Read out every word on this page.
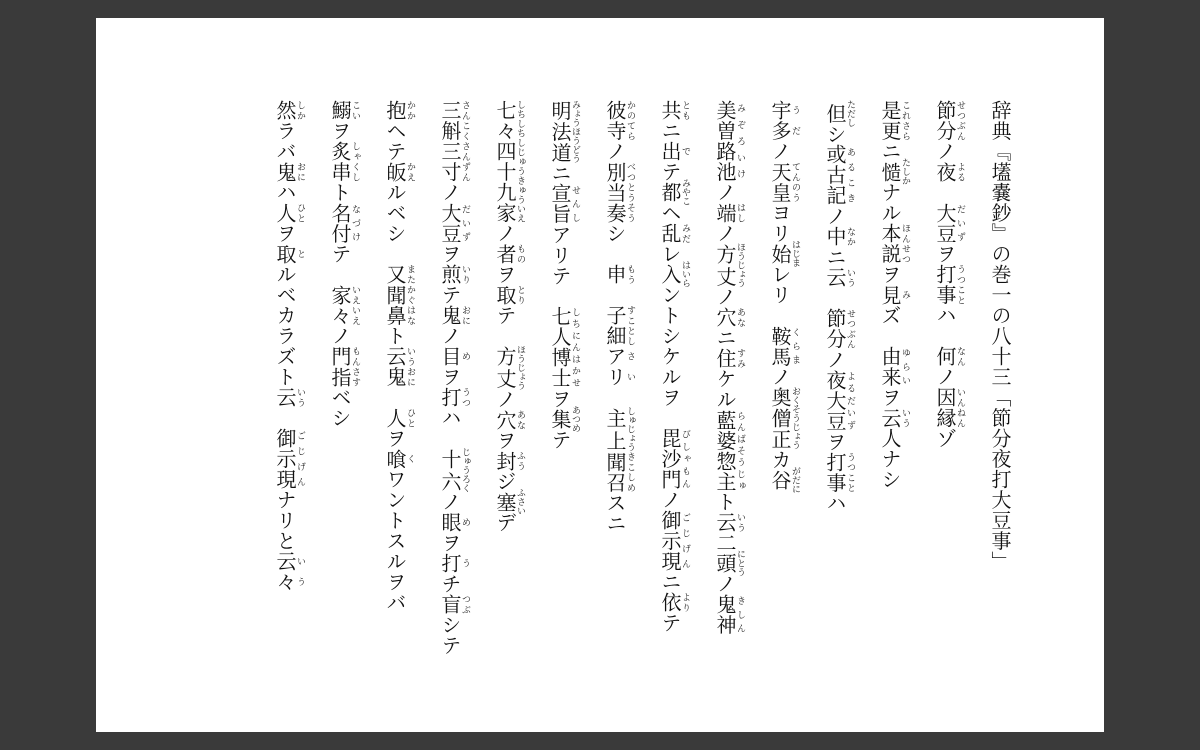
辞典『壒嚢鈔』の巻一の八十三「節分夜打大豆事」
節分せつぶんノ夜よる　大豆だいずヲ打事うつことハ　何なんノ因縁いんねんゾ
是更これさらニ慥たしかナル本説ほんせつヲ見みズ　由来ゆらいヲ云いう人ナシ
但ただしシ或古記あるこきノ中なかニ云いう　節分せつぶんノ夜大豆よるだいずヲ打事うつことハ
宇多うだノ天皇てんのうヨリ始はじまレリ　鞍馬くらまノ奥僧正おくそうじょうカ谷がだに
美曽路池みぞろいけノ端はしノ方丈ほうじょうノ穴あなニ住すみケル藍婆惣主らんばそうじゅト云いう二頭にとうノ鬼神きしん
共ともニ出でテ都みやこヘ乱みだレ入はいらントシケルヲ　毘沙門びしゃもんノ御示現ごじげんニ依よりテ
彼寺かのてらノ別当べつとう奏そうシ　申もう　子細すことしアリさい　主上しゅじょう聞召きこしめスニ
明法道みょうほうどうニ宣旨せんしアリテ　七人博士しちにんはかせヲ集あつめテ
七々四十九家しちしちしじゅうきゅういえノ者ものヲ取とりテ　方丈ほうじょうノ穴あなヲ封ふうジ塞ふさいデ
三斛三寸さんこくさんずんノ大豆だいずヲ煎いりテ鬼おにノ目めヲ打うつハ　十六じゅうろくノ眼めヲ打うチ盲つぶシテ
抱かかヘテ皈かえルベシ　又また聞鼻かぐはなト云鬼いうおに　人ひとヲ喰くワントスルヲバ
鰯こいヲ炙串しゃくしト名付なづけテ　家々いえいえノ門もん指さすベシ
然しかラバ鬼おにハ人ひとヲ取とルベカラズト云いう　御示現ごじげんナリと云々いう
